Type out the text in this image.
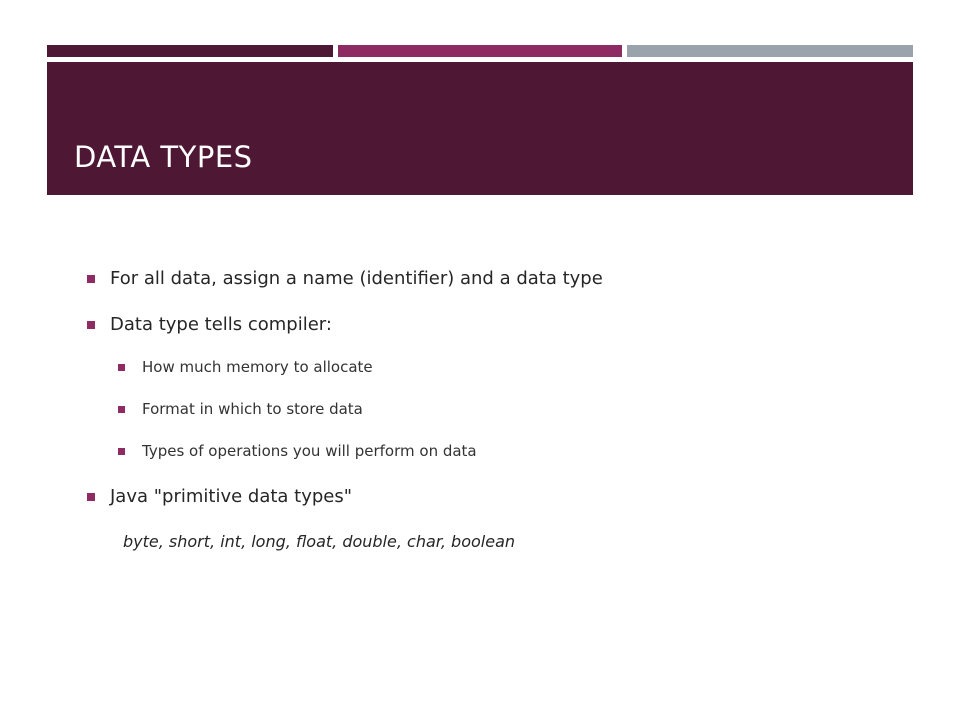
DATA TYPES
For all data, assign a name (identifier) and a data type
Data type tells compiler:
How much memory to allocate
Format in which to store data
Types of operations you will perform on data
Java "primitive data types"

byte, short, int, long, float, double, char, boolean
